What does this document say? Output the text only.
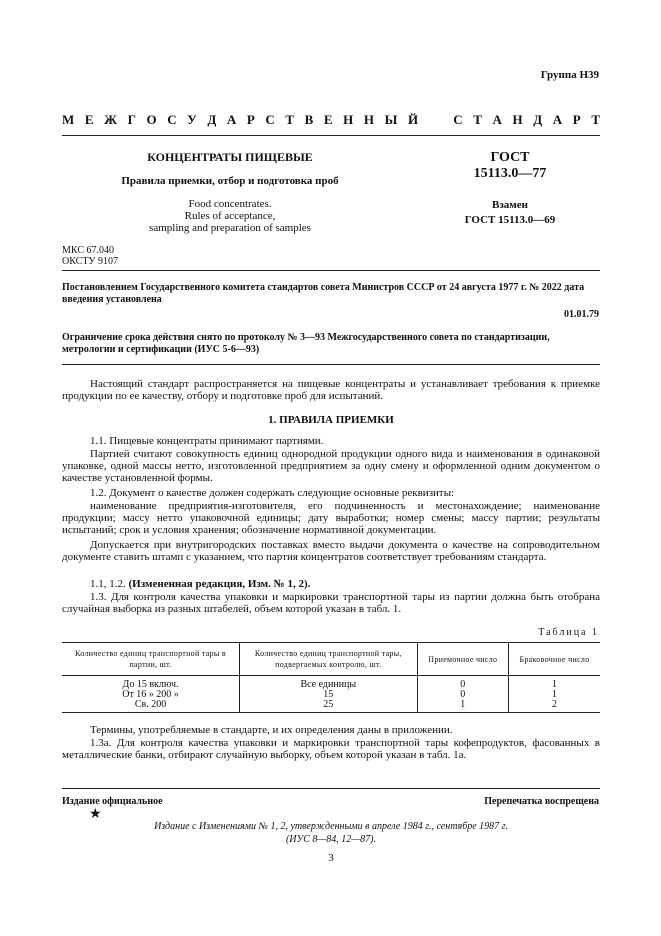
Группа Н39
М Е Ж Г О С У Д А Р С Т В Е Н Н Ы Й	С Т А Н Д А Р Т
КОНЦЕНТРАТЫ ПИЩЕВЫЕ
Правила приемки, отбор и подготовка проб
Food concentrates.
Rules of acceptance,
sampling and preparation of samples
ГОСТ
15113.0—77
Взамен
ГОСТ 15113.0—69
МКС 67.040
ОКСТУ 9107
Постановлением Государственного комитета стандартов совета Министров СССР от 24 августа 1977 г. № 2022 дата введения установлена
01.01.79
Ограничение срока действия снято по протоколу № 3—93 Межгосударственного совета по стандартизации, метрологии и сертификации (ИУС 5-6—93)
Настоящий стандарт распространяется на пищевые концентраты и устанавливает требования к приемке продукции по ее качеству, отбору и подготовке проб для испытаний.
1. ПРАВИЛА ПРИЕМКИ
1.1. Пищевые концентраты принимают партиями.
Партией считают совокупность единиц однородной продукции одного вида и наименования в одинаковой упаковке, одной массы нетто, изготовленной предприятием за одну смену и оформленной одним документом о качестве установленной формы.
1.2. Документ о качестве должен содержать следующие основные реквизиты:
наименование предприятия-изготовителя, его подчиненность и местонахождение; наименование продукции; массу нетто упаковочной единицы; дату выработки; номер смены; массу партии; результаты испытаний; срок и условия хранения; обозначение нормативной документации.
Допускается при внутригородских поставках вместо выдачи документа о качестве на сопроводительном документе ставить штамп с указанием, что партия концентратов соответствует требованиям стандарта.
1.1, 1.2. (Измененная редакция, Изм. № 1, 2).
1.3. Для контроля качества упаковки и маркировки транспортной тары из партии должна быть отобрана случайная выборка из разных штабелей, объем которой указан в табл. 1.
Таблица 1
Количество единиц транспортной тары в партии, шт.	Количество единиц транспортной тары, подвергаемых контролю, шт.	Приемочное число	Браковочное число
До 15 включ.	Все единицы	0	1
От 16 » 200 »	15	0	1
Св. 200	25	1	2
Термины, употребляемые в стандарте, и их определения даны в приложении.
1.3а. Для контроля качества упаковки и маркировки транспортной тары кофепродуктов, фасованных в металлические банки, отбирают случайную выборку, объем которой указан в табл. 1а.
Издание официальное	Перепечатка воспрещена
★
Издание с Изменениями № 1, 2, утвержденными в апреле 1984 г., сентябре 1987 г.
(ИУС 8—84, 12—87).
3
